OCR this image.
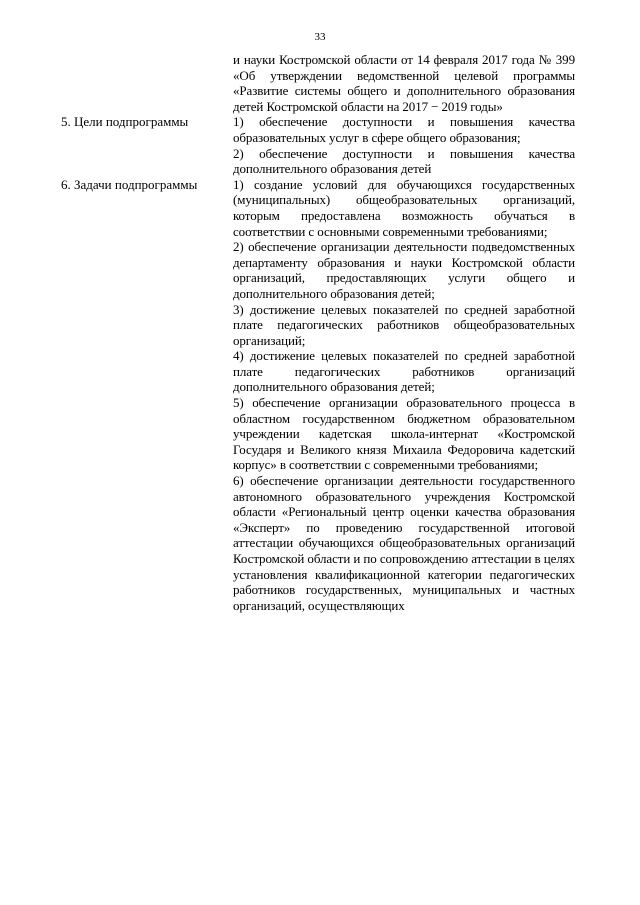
33

и науки Костромской области от 14 февраля 2017 года № 399 «Об утверждении ведомственной целевой программы «Развитие системы общего и дополнительного образования детей Костромской области на 2017 − 2019 годы»

5. Цели подпрограммы	1) обеспечение доступности и повышения качества образовательных услуг в сфере общего образования;

2) обеспечение доступности и повышения качества дополнительного образования детей

6. Задачи подпрограммы	1) создание условий для обучающихся государственных (муниципальных) общеобразовательных организаций, которым предоставлена возможность обучаться в соответствии с основными современными требованиями;

2) обеспечение организации деятельности подведомственных департаменту образования и науки Костромской области организаций, предоставляющих услуги общего и дополнительного образования детей;

3) достижение целевых показателей по средней заработной плате педагогических работников общеобразовательных организаций;

4) достижение целевых показателей по средней заработной плате педагогических работников организаций дополнительного образования детей;

5) обеспечение организации образовательного процесса в областном государственном бюджетном образовательном учреждении кадетская школа-интернат «Костромской Государя и Великого князя Михаила Федоровича кадетский корпус» в соответствии с современными требованиями;

6) обеспечение организации деятельности государственного автономного образовательного учреждения Костромской области «Региональный центр оценки качества образования «Эксперт» по проведению государственной итоговой аттестации обучающихся общеобразовательных организаций Костромской области и по сопровождению аттестации в целях установления квалификационной категории педагогических работников государственных, муниципальных и частных организаций, осуществляющих
